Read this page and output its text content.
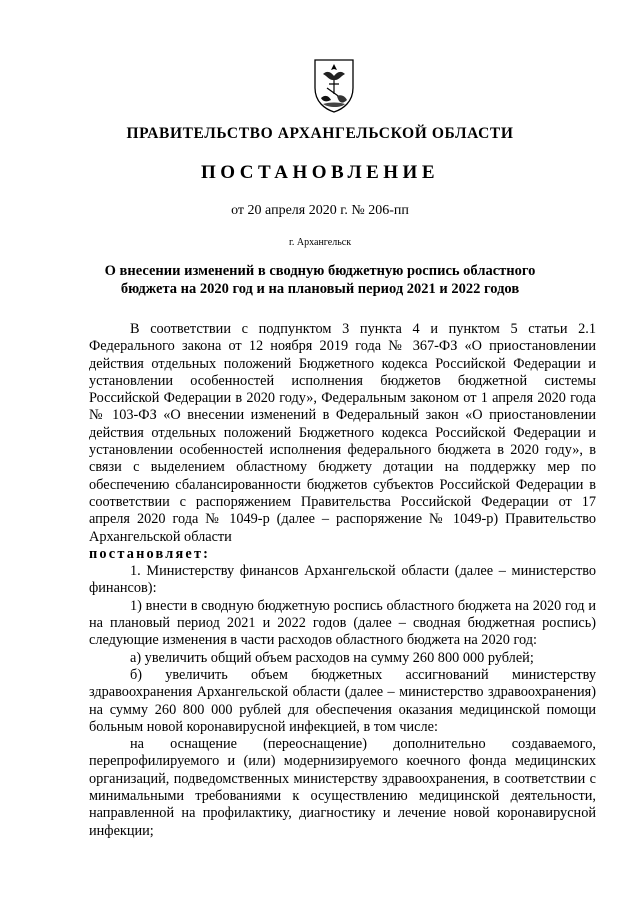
ПРАВИТЕЛЬСТВО АРХАНГЕЛЬСКОЙ ОБЛАСТИ
ПОСТАНОВЛЕНИЕ
от 20 апреля 2020 г. № 206-пп
г. Архангельск
О внесении изменений в сводную бюджетную роспись областного бюджета на 2020 год и на плановый период 2021 и 2022 годов

В соответствии с подпунктом 3 пункта 4 и пунктом 5 статьи 2.1 Федерального закона от 12 ноября 2019 года № 367-ФЗ «О приостановлении действия отдельных положений Бюджетного кодекса Российской Федерации и установлении особенностей исполнения бюджетов бюджетной системы Российской Федерации в 2020 году», Федеральным законом от 1 апреля 2020 года № 103-ФЗ «О внесении изменений в Федеральный закон «О приостановлении действия отдельных положений Бюджетного кодекса Российской Федерации и установлении особенностей исполнения федерального бюджета в 2020 году», в связи с выделением областному бюджету дотации на поддержку мер по обеспечению сбалансированности бюджетов субъектов Российской Федерации в соответствии с распоряжением Правительства Российской Федерации от 17 апреля 2020 года № 1049-р (далее – распоряжение № 1049-р) Правительство Архангельской области

постановляет:

1. Министерству финансов Архангельской области (далее – министерство финансов):

1) внести в сводную бюджетную роспись областного бюджета на 2020 год и на плановый период 2021 и 2022 годов (далее – сводная бюджетная роспись) следующие изменения в части расходов областного бюджета на 2020 год:

а) увеличить общий объем расходов на сумму 260 800 000 рублей;

б) увеличить объем бюджетных ассигнований министерству здравоохранения Архангельской области (далее – министерство здравоохранения) на сумму 260 800 000 рублей для обеспечения оказания медицинской помощи больным новой коронавирусной инфекцией, в том числе:

на оснащение (переоснащение) дополнительно создаваемого, перепрофилируемого и (или) модернизируемого коечного фонда медицинских организаций, подведомственных министерству здравоохранения, в соответствии с минимальными требованиями к осуществлению медицинской деятельности, направленной на профилактику, диагностику и лечение новой коронавирусной инфекции;
